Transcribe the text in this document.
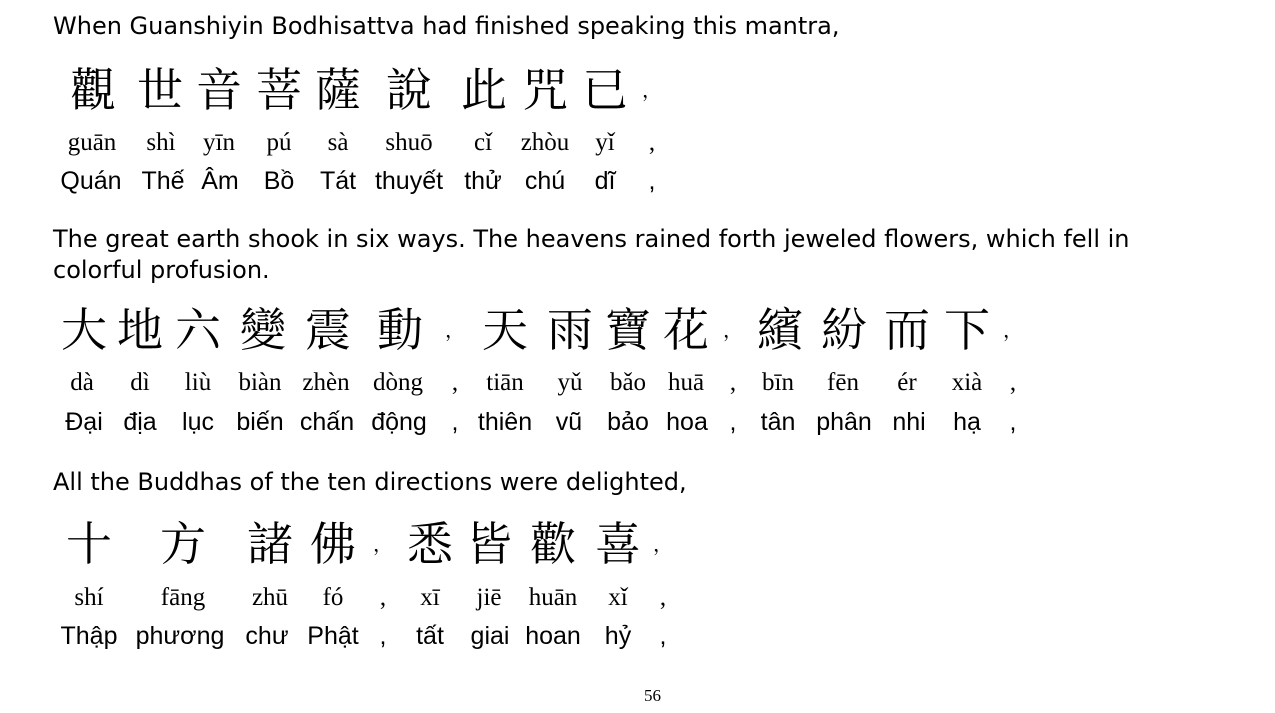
When Guanshiyin Bodhisattva had finished speaking this mantra,
觀 世 音 菩 薩 說 此 咒 已 ，
guān shì yīn pú sà shuō cǐ zhòu yǐ ,
Quán Thế Âm Bồ Tát thuyết thử chú dĩ ,
The great earth shook in six ways. The heavens rained forth jeweled flowers, which fell in colorful profusion.
大 地 六 變 震 動 ， 天 雨 寶 花 ， 繽 紛 而 下 ，
dà dì liù biàn zhèn dòng , tiān yǔ bǎo huā , bīn fēn ér xià ,
Đại địa lục biến chấn động , thiên vũ bảo hoa , tân phân nhi hạ ,
All the Buddhas of the ten directions were delighted,
十 方 諸 佛 ， 悉 皆 歡 喜 ，
shí fāng zhū fó , xī jiē huān xǐ ,
Thập phương chư Phật , tất giai hoan hỷ ,
56
